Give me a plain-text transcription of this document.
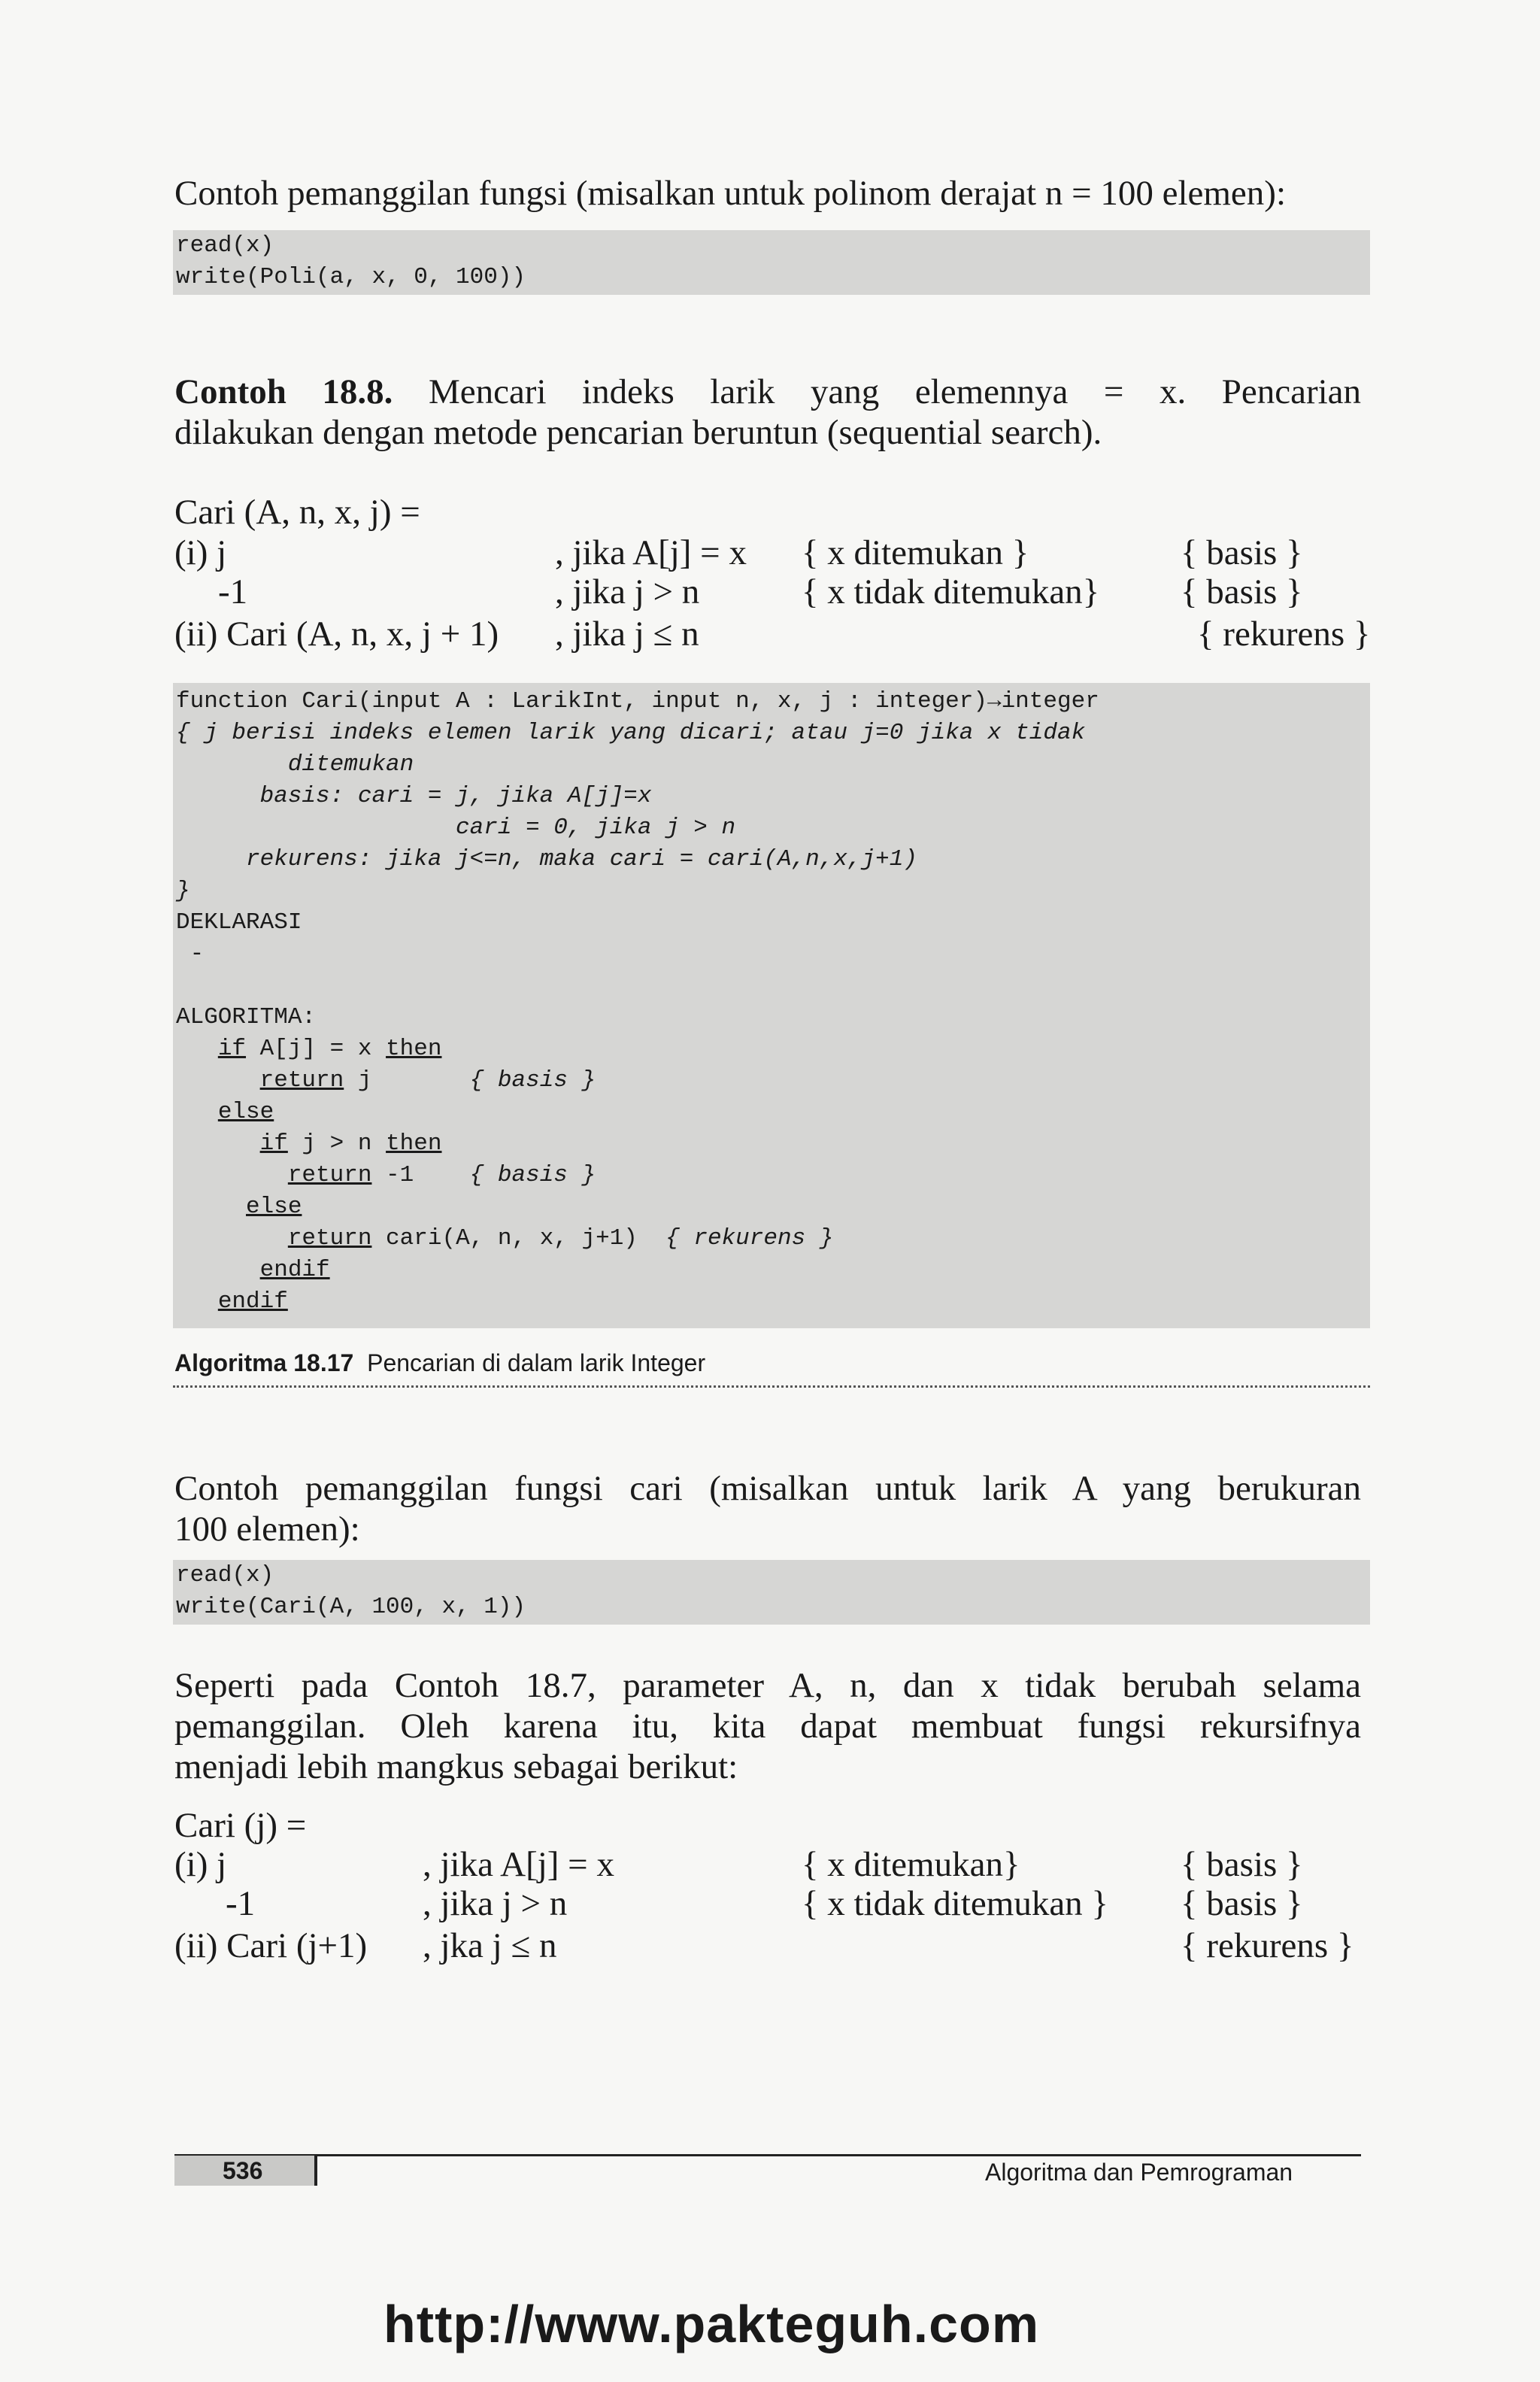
Contoh pemanggilan fungsi (misalkan untuk polinom derajat n = 100 elemen):
read(x)
write(Poli(a, x, 0, 100))
Contoh 18.8. Mencari indeks larik yang elemennya = x. Pencarian
dilakukan dengan metode pencarian beruntun (sequential search).
Cari (A, n, x, j) =
(i) j	, jika A[j] = x { x ditemukan }	{ basis }
-1	, jika j > n	{ x tidak ditemukan} { basis }
(ii) Cari (A, n, x, j + 1) , jika j ≤ n	{ rekurens }
function Cari(input A : LarikInt, input n, x, j : integer)→integer
{ j berisi indeks elemen larik yang dicari; atau j=0 jika x tidak
ditemukan
basis: cari = j, jika A[j]=x
cari = 0, jika j > n
rekurens: jika j<=n, maka cari = cari(A,n,x,j+1)
}
DEKLARASI
-

ALGORITMA:
if A[j] = x then
return j	{ basis }
else
if j > n then
return -1 { basis }
else
return cari(A, n, x, j+1) { rekurens }
endif
endif
Algoritma 18.17 Pencarian di dalam larik Integer
Contoh pemanggilan fungsi cari (misalkan untuk larik A yang berukuran
100 elemen):
read(x)
write(Cari(A, 100, x, 1))
Seperti pada Contoh 18.7, parameter A, n, dan x tidak berubah selama
pemanggilan. Oleh karena itu, kita dapat membuat fungsi rekursifnya
menjadi lebih mangkus sebagai berikut:
Cari (j) =
(i) j	, jika A[j] = x	{ x ditemukan}	{ basis }
-1	, jika j > n	{ x tidak ditemukan } { basis }
(ii) Cari (j+1) , jka j ≤ n	{ rekurens }
536	Algoritma dan Pemrograman
http://www.pakteguh.com
